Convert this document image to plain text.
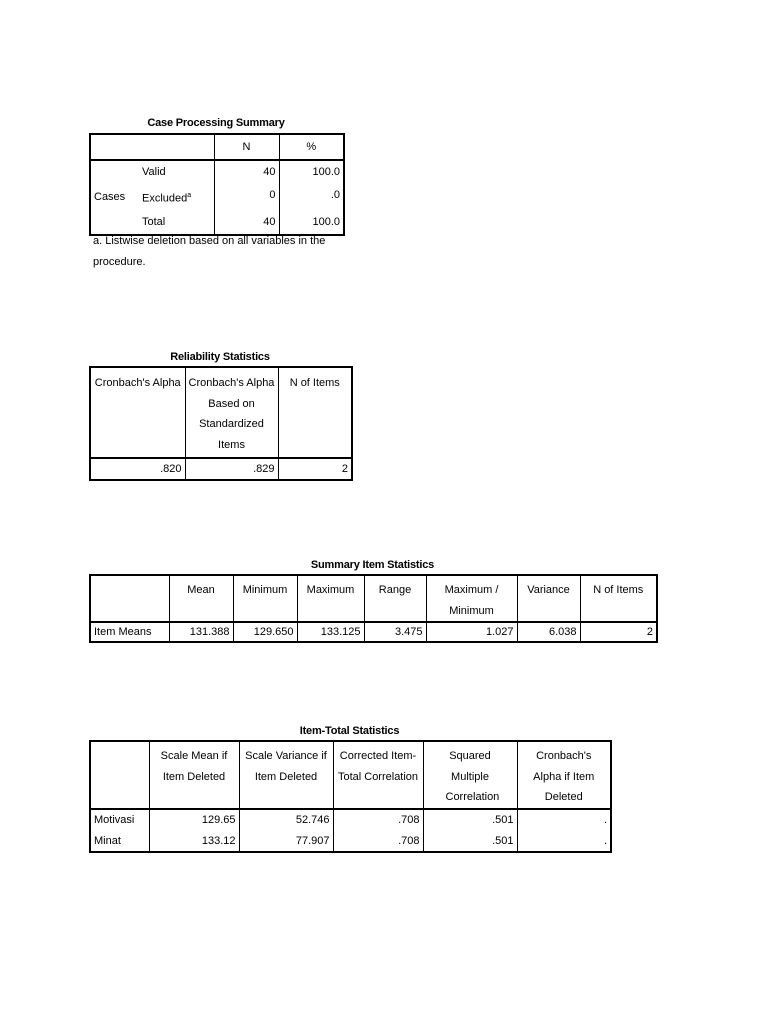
Case Processing Summary
		N	%
Cases	Valid	40	100.0
	Excluded$^a$	0	.0
	Total	40	100.0
a. Listwise deletion based on all variables in the
procedure.
Reliability Statistics
Cronbach's Alpha	Cronbach's Alpha Based on Standardized Items	N of Items
.820	.829	2
Summary Item Statistics
	Mean	Minimum	Maximum	Range	Maximum / Minimum	Variance	N of Items
Item Means	131.388	129.650	133.125	3.475	1.027	6.038	2
Item-Total Statistics
	Scale Mean if Item Deleted	Scale Variance if Item Deleted	Corrected Item-Total Correlation	Squared Multiple Correlation	Cronbach's Alpha if Item Deleted
Motivasi	129.65	52.746	.708	.501	.
Minat	133.12	77.907	.708	.501	.
